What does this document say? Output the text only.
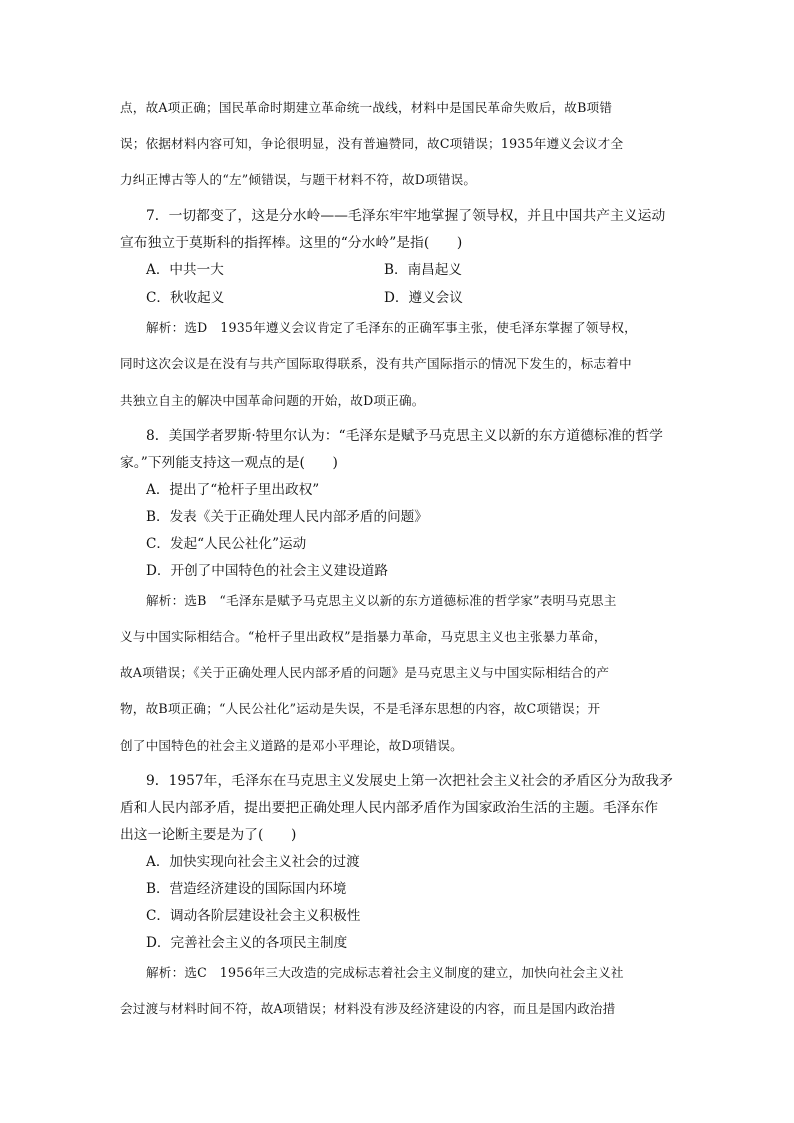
点，故A项正确；国民革命时期建立革命统一战线，材料中是国民革命失败后，故B项错
误；依据材料内容可知，争论很明显，没有普遍赞同，故C项错误；1935年遵义会议才全
力纠正博古等人的“左”倾错误，与题干材料不符，故D项错误。
7．一切都变了，这是分水岭——毛泽东牢牢地掌握了领导权，并且中国共产主义运动
宣布独立于莫斯科的指挥棒。这里的“分水岭”是指(　　)
A．中共一大	B．南昌起义
C．秋收起义	D．遵义会议
解析：选D　1935年遵义会议肯定了毛泽东的正确军事主张，使毛泽东掌握了领导权，
同时这次会议是在没有与共产国际取得联系，没有共产国际指示的情况下发生的，标志着中
共独立自主的解决中国革命问题的开始，故D项正确。
8．美国学者罗斯·特里尔认为：“毛泽东是赋予马克思主义以新的东方道德标准的哲学
家。”下列能支持这一观点的是(　　)
A．提出了“枪杆子里出政权”
B．发表《关于正确处理人民内部矛盾的问题》
C．发起“人民公社化”运动
D．开创了中国特色的社会主义建设道路
解析：选B　“毛泽东是赋予马克思主义以新的东方道德标准的哲学家”表明马克思主
义与中国实际相结合。“枪杆子里出政权”是指暴力革命，马克思主义也主张暴力革命，
故A项错误；《关于正确处理人民内部矛盾的问题》是马克思主义与中国实际相结合的产
物，故B项正确；“人民公社化”运动是失误，不是毛泽东思想的内容，故C项错误；开
创了中国特色的社会主义道路的是邓小平理论，故D项错误。
9．1957年，毛泽东在马克思主义发展史上第一次把社会主义社会的矛盾区分为敌我矛
盾和人民内部矛盾，提出要把正确处理人民内部矛盾作为国家政治生活的主题。毛泽东作
出这一论断主要是为了(　　)
A．加快实现向社会主义社会的过渡
B．营造经济建设的国际国内环境
C．调动各阶层建设社会主义积极性
D．完善社会主义的各项民主制度
解析：选C　1956年三大改造的完成标志着社会主义制度的建立，加快向社会主义社
会过渡与材料时间不符，故A项错误；材料没有涉及经济建设的内容，而且是国内政治措
